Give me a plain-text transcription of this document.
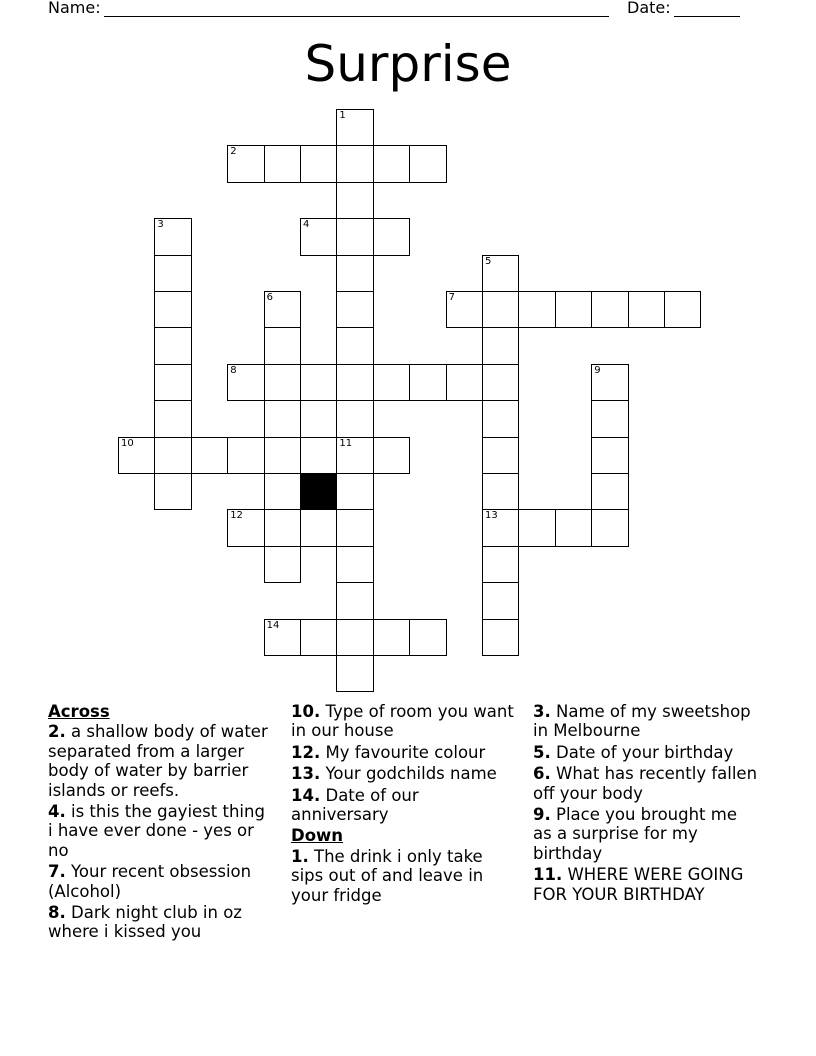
Name:	Date:
Surprise
1
11
2
3	4
5
13
6	7
8	9
10
12
14
Across
2. a shallow body of water separated from a larger body of water by barrier islands or reefs.
4. is this the gayiest thing i have ever done - yes or no
7. Your recent obsession (Alcohol)
8. Dark night club in oz where i kissed you
10. Type of room you want in our house
12. My favourite colour
13. Your godchilds name
14. Date of our anniversary
Down
1. The drink i only take sips out of and leave in your fridge
3. Name of my sweetshop in Melbourne
5. Date of your birthday
6. What has recently fallen off your body
9. Place you brought me as a surprise for my birthday
11. WHERE WERE GOING FOR YOUR BIRTHDAY
